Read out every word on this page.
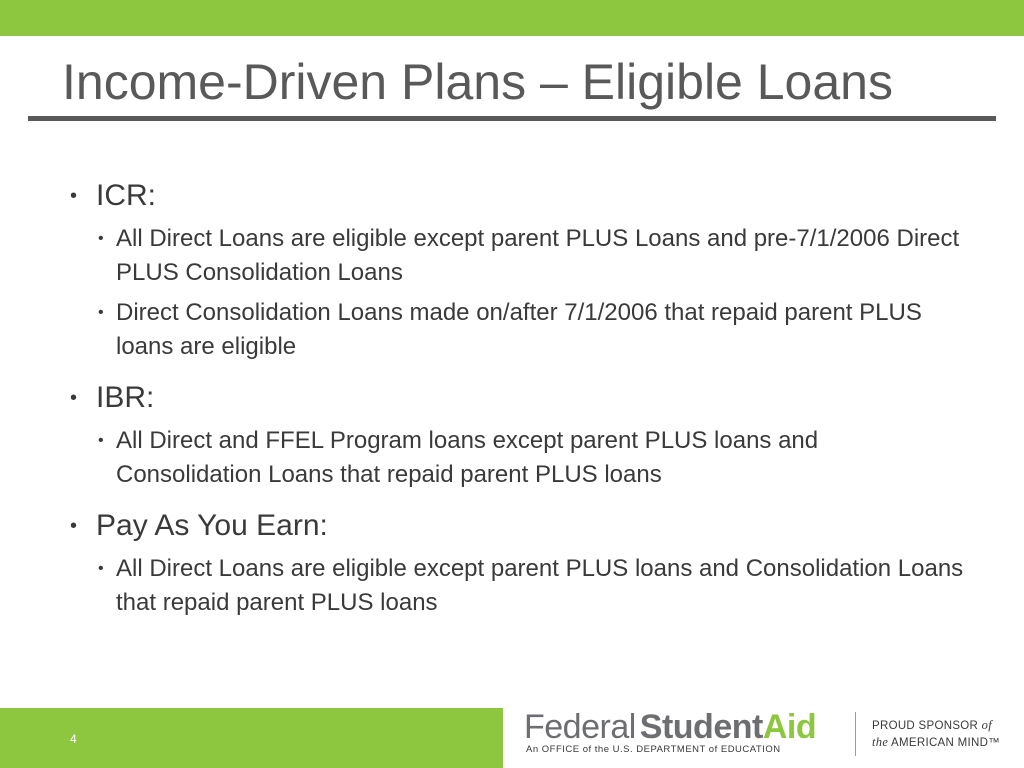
Income-Driven Plans – Eligible Loans
• ICR:
• All Direct Loans are eligible except parent PLUS Loans and pre-7/1/2006 Direct PLUS Consolidation Loans
• Direct Consolidation Loans made on/after 7/1/2006 that repaid parent PLUS loans are eligible
• IBR:
• All Direct and FFEL Program loans except parent PLUS loans and Consolidation Loans that repaid parent PLUS loans
• Pay As You Earn:
• All Direct Loans are eligible except parent PLUS loans and Consolidation Loans that repaid parent PLUS loans
4	Federal StudentAid
An OFFICE of the U.S. DEPARTMENT of EDUCATION
PROUD SPONSOR of
the AMERICAN MIND™
